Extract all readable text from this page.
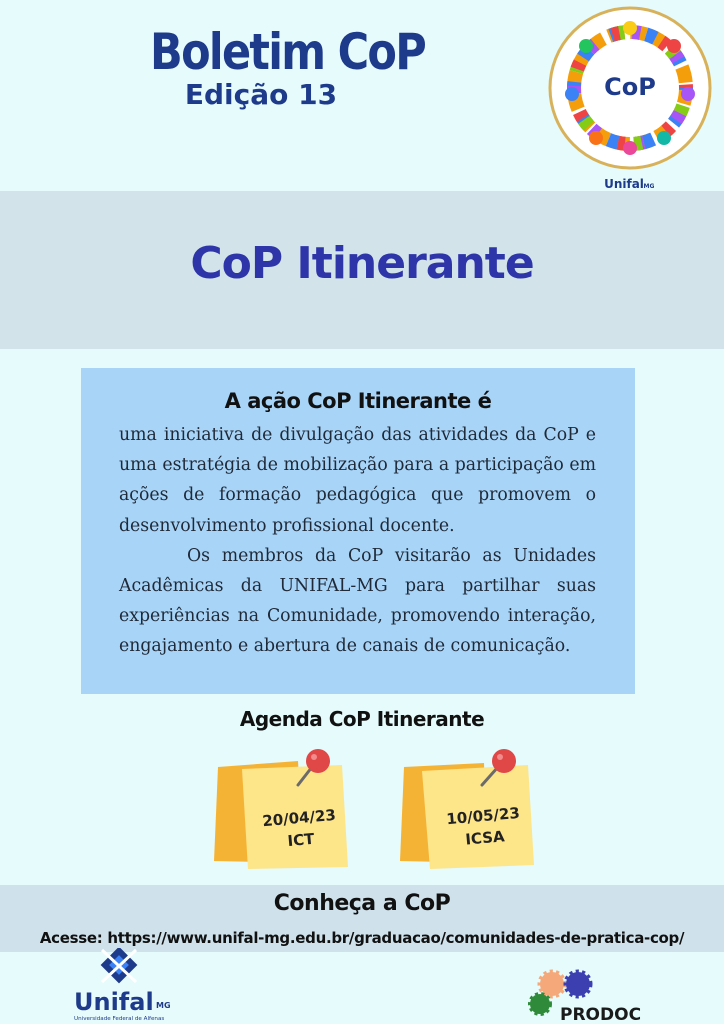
Boletim CoP
Edição 13	CoP
Unifal MG
CoP Itinerante
A ação CoP Itinerante é

uma iniciativa de divulgação das atividades da CoP e uma estratégia de mobilização para a participação em ações de formação pedagógica que promovem o desenvolvimento profissional docente.

Os membros da CoP visitarão as Unidades Acadêmicas da UNIFAL-MG para partilhar suas experiências na Comunidade, promovendo interação, engajamento e abertura de canais de comunicação.

Agenda CoP Itinerante
20/04/23
ICT
10/05/23
ICSA
Conheça a CoP
Acesse: https://www.unifal-mg.edu.br/graduacao/comunidades-de-pratica-cop/
Unifal MG
Universidade Federal de Alfenas	PRODOC
